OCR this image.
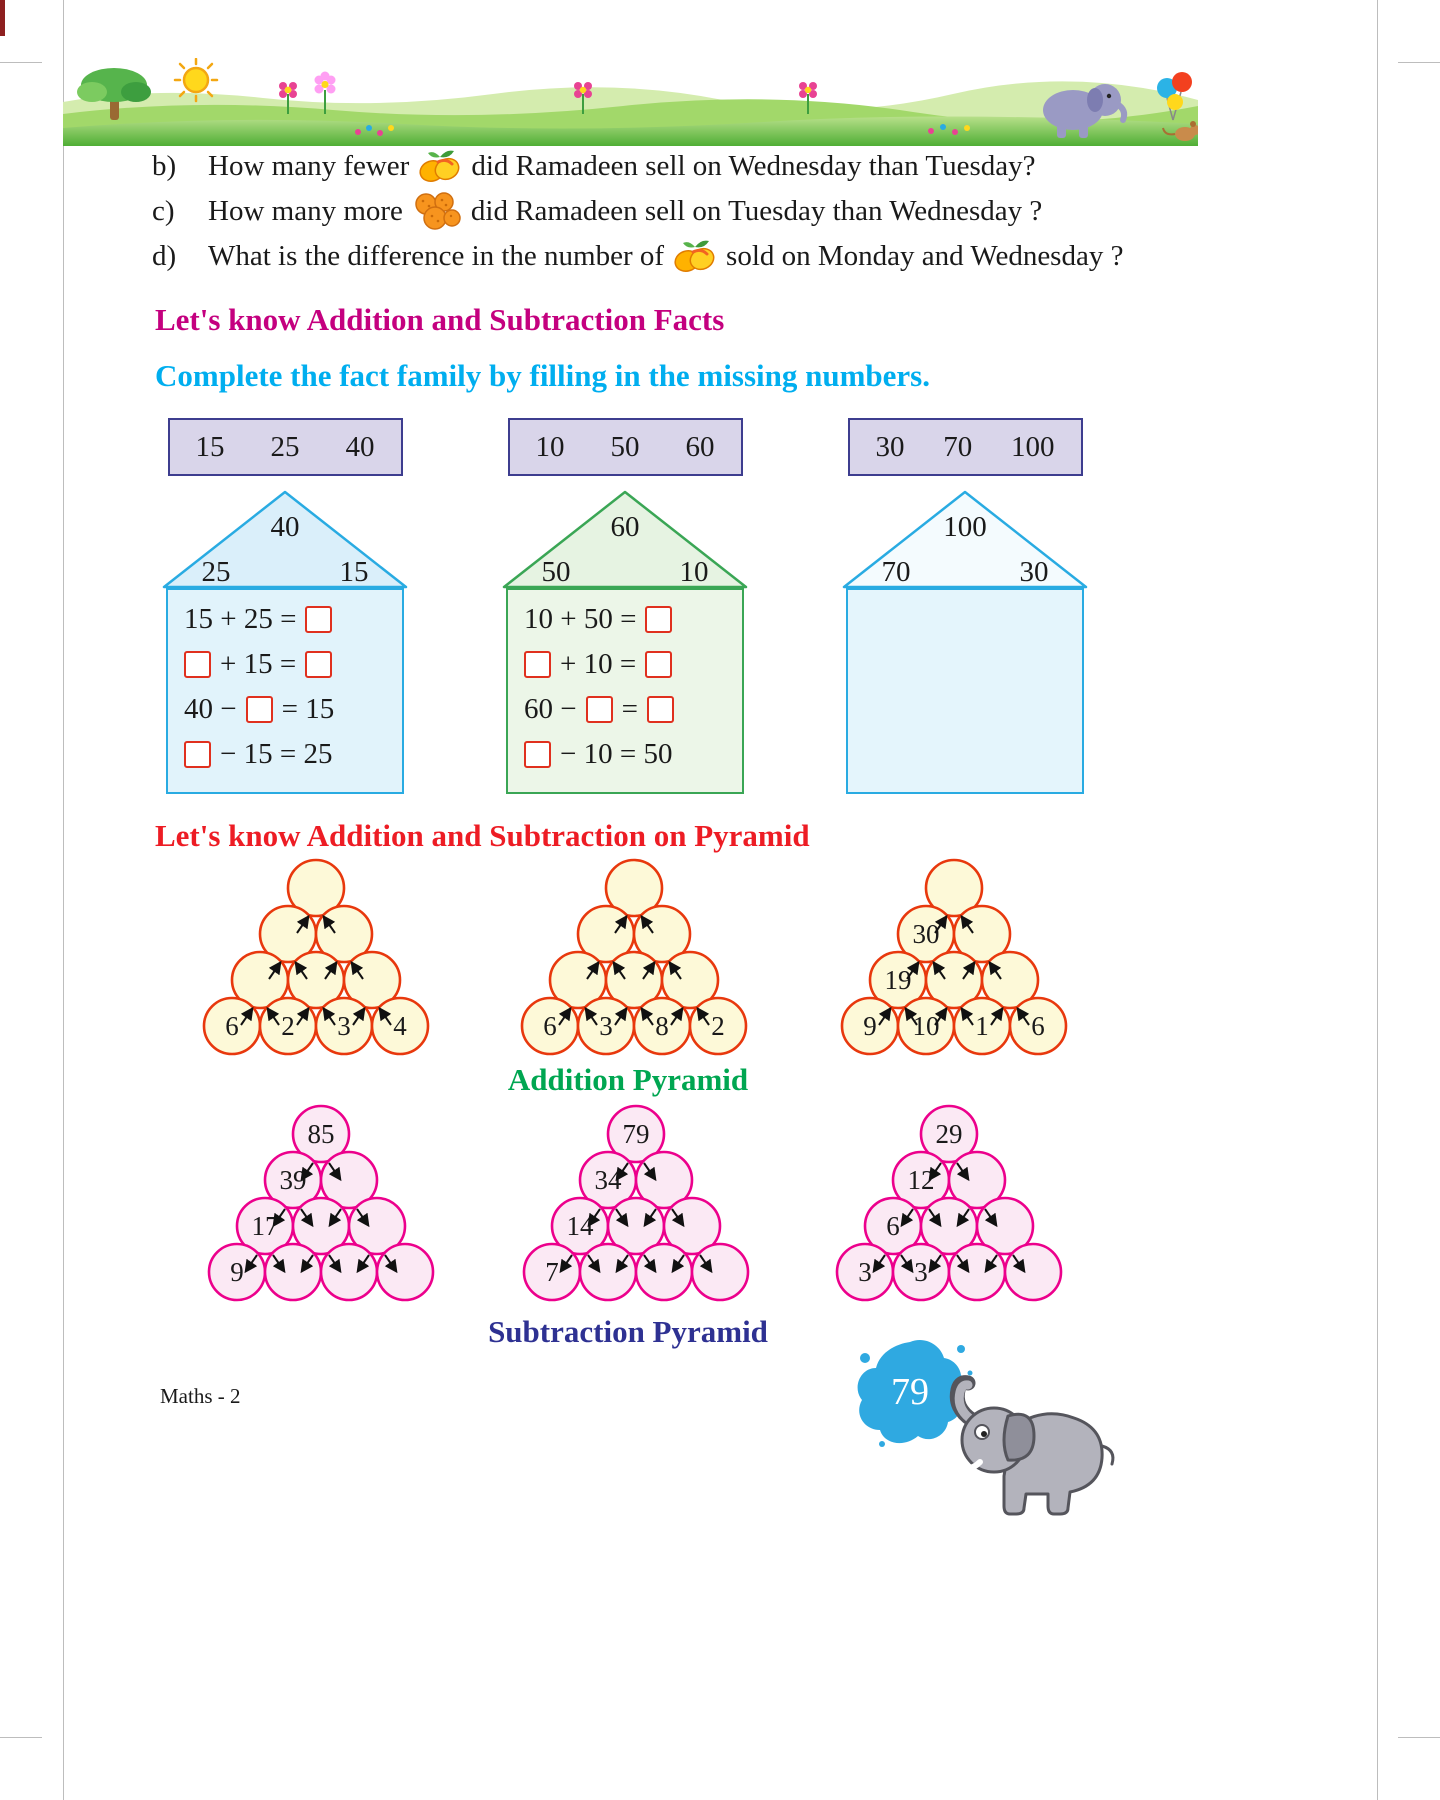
b)	How many fewer did Ramadeen sell on Wednesday than Tuesday?
c)	How many more did Ramadeen sell on Tuesday than Wednesday ?
d)	What is the difference in the number of sold on Monday and Wednesday ?
Let's know Addition and Subtraction Facts
Complete the fact family by filling in the missing numbers.
15 25 40
40
25	15
15 + 25 =
+ 15 =
40 − = 15
− 15 = 25
10 50 60
60
50	10
10 + 50 =
+ 10 =
60 − =
− 10 = 50
30 70 100
100
70	30
Let's know Addition and Subtraction on Pyramid
6 2 3 4	6 3 8 2
30
19
9 10 1 6
Addition Pyramid
85
39
17
9
79
34
14
7
29
12
6
3 3
Subtraction Pyramid
Maths - 2	79
